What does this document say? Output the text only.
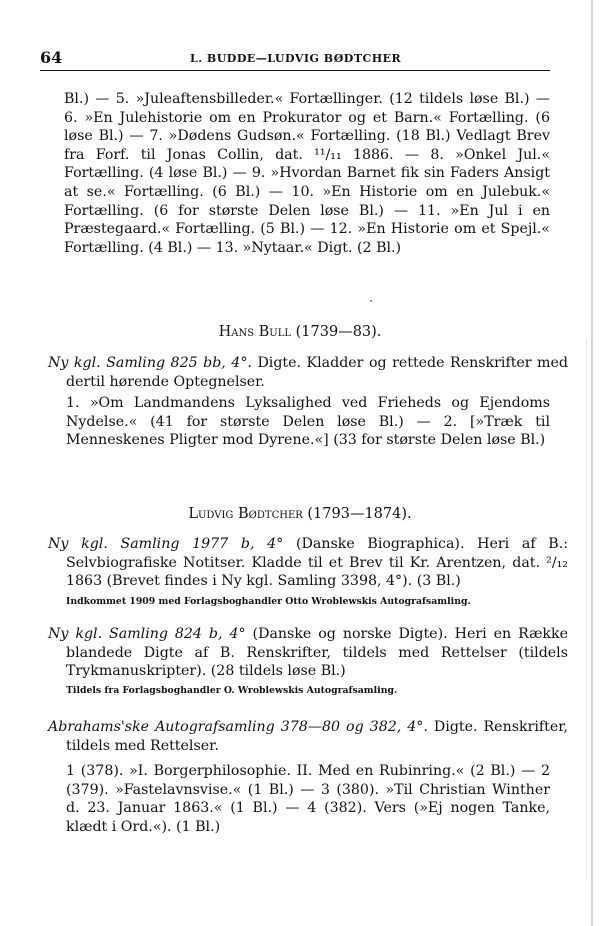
64	L. BUDDE—LUDVIG BØDTCHER
Bl.) — 5. »Juleaftensbilleder.« Fortællinger. (12 tildels løse Bl.) — 6. »En Julehistorie om en Prokurator og et Barn.« Fortælling. (6 løse Bl.) — 7. »Dødens Gudsøn.« Fortælling. (18 Bl.) Vedlagt Brev fra Forf. til Jonas Collin, dat. ¹¹/₁₁ 1886. — 8. »Onkel Jul.« Fortælling. (4 løse Bl.) — 9. »Hvordan Barnet fik sin Faders Ansigt at se.« Fortælling. (6 Bl.) — 10. »En Historie om en Julebuk.« Fortælling. (6 for største Delen løse Bl.) — 11. »En Jul i en Præstegaard.« Fortælling. (5 Bl.) — 12. »En Historie om et Spejl.« Fortælling. (4 Bl.) — 13. »Nytaar.« Digt. (2 Bl.)
Hans Bull (1739—83).
Ny kgl. Samling 825 bb, 4°. Digte. Kladder og rettede Renskrifter med dertil hørende Optegnelser.
1. »Om Landmandens Lyksalighed ved Frieheds og Ejendoms Nydelse.« (41 for største Delen løse Bl.) — 2. [»Træk til Menneskenes Pligter mod Dyrene.«] (33 for største Delen løse Bl.)
Ludvig Bødtcher (1793—1874).
Ny kgl. Samling 1977 b, 4° (Danske Biographica). Heri af B.: Selvbiografiske Notitser. Kladde til et Brev til Kr. Arentzen, dat. ²/₁₂ 1863 (Brevet findes i Ny kgl. Samling 3398, 4°). (3 Bl.)
Indkommet 1909 med Forlagsboghandler Otto Wroblewskis Autografsamling.
Ny kgl. Samling 824 b, 4° (Danske og norske Digte). Heri en Række blandede Digte af B. Renskrifter, tildels med Rettelser (tildels Trykmanuskripter). (28 tildels løse Bl.)
Tildels fra Forlagsboghandler O. Wroblewskis Autografsamling.
Abrahams'ske Autografsamling 378—80 og 382, 4°. Digte. Renskrifter, tildels med Rettelser.
1 (378). »I. Borgerphilosophie. II. Med en Rubinring.« (2 Bl.) — 2 (379). »Fastelavnsvise.« (1 Bl.) — 3 (380). »Til Christian Winther d. 23. Januar 1863.« (1 Bl.) — 4 (382). Vers (»Ej nogen Tanke, klædt i Ord.«). (1 Bl.)
